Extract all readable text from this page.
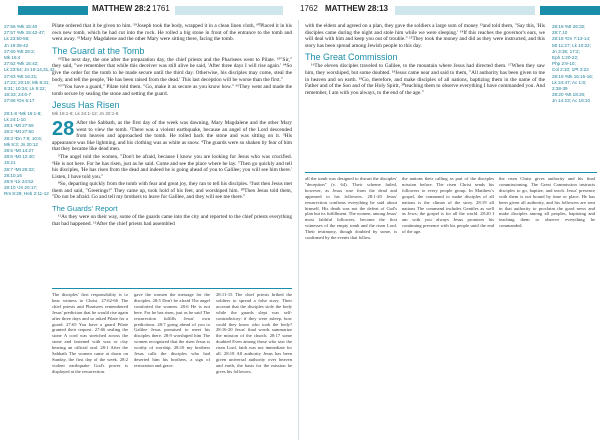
MATTHEW 28:2 1761	1762 MATTHEW 28:13
27:56 ¹Mk 15:40
27:57 ¹Mk 15:42-47;
Lk 23:50-56;
Jn 19:38-42
27:60 ¹Mt 28:2;
Mk 16:4
27:62 ¹Mk 15:42;
Lk 23:54; Jn 19:14,31,42
27:63 ¹Mt 16:21;
17:23; 20:19; Mk 8:31;
9:31; 10:34; Lk 9:22;
18:33; 24:6-7
27:66 ¹Dn 6:17

28:1-8 ¹Mk 16:1-8;
Lk 24:1-10
28:1 ¹Mt 27:56
28:2 ¹Mt 27:60
28:3 ¹Dn 7:9; 10:6;
Mk 9:3; Jn 20:12
28:5 ¹Mt 14:27
28:6 ¹Mt 12:40;
16:21
28:7 ¹Mt 26:32;
28:10,16
28:9 ¹Lk 24:52
28:10 ¹Jn 20:17;
Rm 8:29; Heb 2:11-12

Pilate ordered that it be given to him. ⁵⁹Joseph took the body, wrapped it in a clean linen cloth, ⁶⁰Placed it in his own new tomb, which he had cut into the rock. He rolled a big stone in front of the entrance to the tomb and went away. ⁶¹Mary Magdalene and the other Mary were sitting there, facing the tomb.

The Guard at the Tomb

⁶²The next day, the one after the preparation day, the chief priests and the Pharisees went to Pilate. ⁶³"Sir," they said, "we remember that while this deceiver was still alive he said, 'After three days I will rise again.' ⁶⁴So give the order for the tomb to be made secure until the third day. Otherwise, his disciples may come, steal the body, and tell the people, 'He has been raised from the dead.' This last deception will be worse than the first."

⁶⁵"You have a guard," Pilate told them. "Go, make it as secure as you know how." ⁶⁶They went and made the tomb secure by sealing the stone and setting the guard.

Jesus Has Risen
Mk 16:1-8; Lk 24:1-12; Jn 20:1-8

28 After the Sabbath, as the first day of the week was dawning, Mary Magdalene and the other Mary went to view the tomb. ²There was a violent earthquake, because an angel of the Lord descended from heaven and approached the tomb. He rolled back the stone and was sitting on it. ³His appearance was like lightning, and his clothing was as white as snow. ⁴The guards were so shaken by fear of him that they became like dead men.

⁵The angel told the women, "Don't be afraid, because I know you are looking for Jesus who was crucified. ⁶He is not here. For he has risen, just as he said. Come and see the place where he lay. ⁷Then go quickly and tell his disciples, 'He has risen from the dead and indeed he is going ahead of you to Galilee; you will see him there.' Listen, I have told you."

⁸So, departing quickly from the tomb with fear and great joy, they ran to tell his disciples. ⁹Just then Jesus met them and said, "Greetings!" They came up, took hold of his feet, and worshiped him. ¹⁰Then Jesus told them, "Do not be afraid. Go and tell my brothers to leave for Galilee, and they will see me there."

The Guards' Report

¹¹As they were on their way, some of the guards came into the city and reported to the chief priests everything that had happened. ¹²After the chief priests had assembled

with the elders and agreed on a plan, they gave the soldiers a large sum of money ¹³and told them, "Say this, 'His disciples came during the night and stole him while we were sleeping.' ¹⁴If this reaches the governor's ears, we will deal with him and keep you out of trouble." ¹⁵They took the money and did as they were instructed, and this story has been spread among Jewish people to this day.

The Great Commission

¹⁶The eleven disciples traveled to Galilee, to the mountain where Jesus had directed them. ¹⁷When they saw him, they worshiped, but some doubted. ¹⁸Jesus came near and said to them, "All authority has been given to me in heaven and on earth. ¹⁹Go, therefore, and make disciples of all nations, baptizing them in the name of the Father and of the Son and of the Holy Spirit, ²⁰teaching them to observe everything I have commanded you. And remember, I am with you always, to the end of the age."

28:16 ¹Mt 26:32;
28:7,10
28:18 ¹Dn 7:13-14;
Mt 11:27; Lk 10:22;
Jn 3:35; 17:2;
Eph 1:20-22;
Php 2:9-10;
Col 2:10; 1Pt 3:22
28:19 ¹Mk 16:15-16;
Lk 24:47; Ac 1:8;
2:38-39
28:20 ¹Mt 18:20;
Jn 14:23; Ac 18:10
all the tomb was designed to thwart the disciples' "deception" (v. 64). Their scheme failed, however, as Jesus rose from the dead and appeared to his followers. 28:1-20 Jesus' resurrection confirms everything he said about himself. His death was not the defeat of God's plan but its fulfillment. The women, among Jesus' most faithful followers, become the first witnesses of the empty tomb and the risen Lord. Their testimony, though doubted by some, is confirmed by the events that follow.
the nations their calling as part of the disciples mission before. The risen Christ sends his followers to every people group. In Matthew's gospel, the command to make disciples of all nations is the climax of the story. 28:19 all nations The command includes Gentiles as well as Jews; the gospel is for all the world. 28:20 I am with you always Jesus promises his continuing presence with his people until the end of the age.
the risen Christ gives authority and his final commissioning. The Great Commission instructs disciples to go, baptize, and teach. Jesus' presence with them is not bound by time or place. He has been given all authority, and his followers are sent in that authority to proclaim the good news and make disciples among all peoples, baptizing and teaching them to observe everything he commanded.
The disciples' first responsibility is to bear witness to Christ. 27:62-66 The chief priests and Pharisees remembered Jesus' prediction that he would rise again after three days and so asked Pilate for a guard. 27:65 You have a guard Pilate granted their request. 27:66 sealing the stone A cord was stretched across the stone and fastened with wax or clay bearing an official seal. 28:1 After the Sabbath The women came at dawn on Sunday, the first day of the week. 28:2 violent earthquake God's power is displayed at the resurrection.
gave the women the message for the disciples. 28:5 Don't be afraid The angel comforted the women. 28:6 He is not here. For he has risen, just as he said The resurrection fulfills Jesus' own predictions. 28:7 going ahead of you to Galilee Jesus promised to meet his disciples there. 28:9 worshiped him The women recognized that the risen Jesus is worthy of worship. 28:10 my brothers Jesus calls the disciples who had deserted him his brothers, a sign of restoration and grace.
28:11-15 The chief priests bribed the soldiers to spread a false story. Their account that the disciples stole the body while the guards slept was self-contradictory: if they were asleep, how could they know who took the body? 28:16-20 Jesus' final words summarize the mission of the church. 28:17 some doubted Even among those who saw the risen Lord, faith was not immediate for all. 28:18 All authority Jesus has been given universal authority over heaven and earth, the basis for the mission he gives his followers.
